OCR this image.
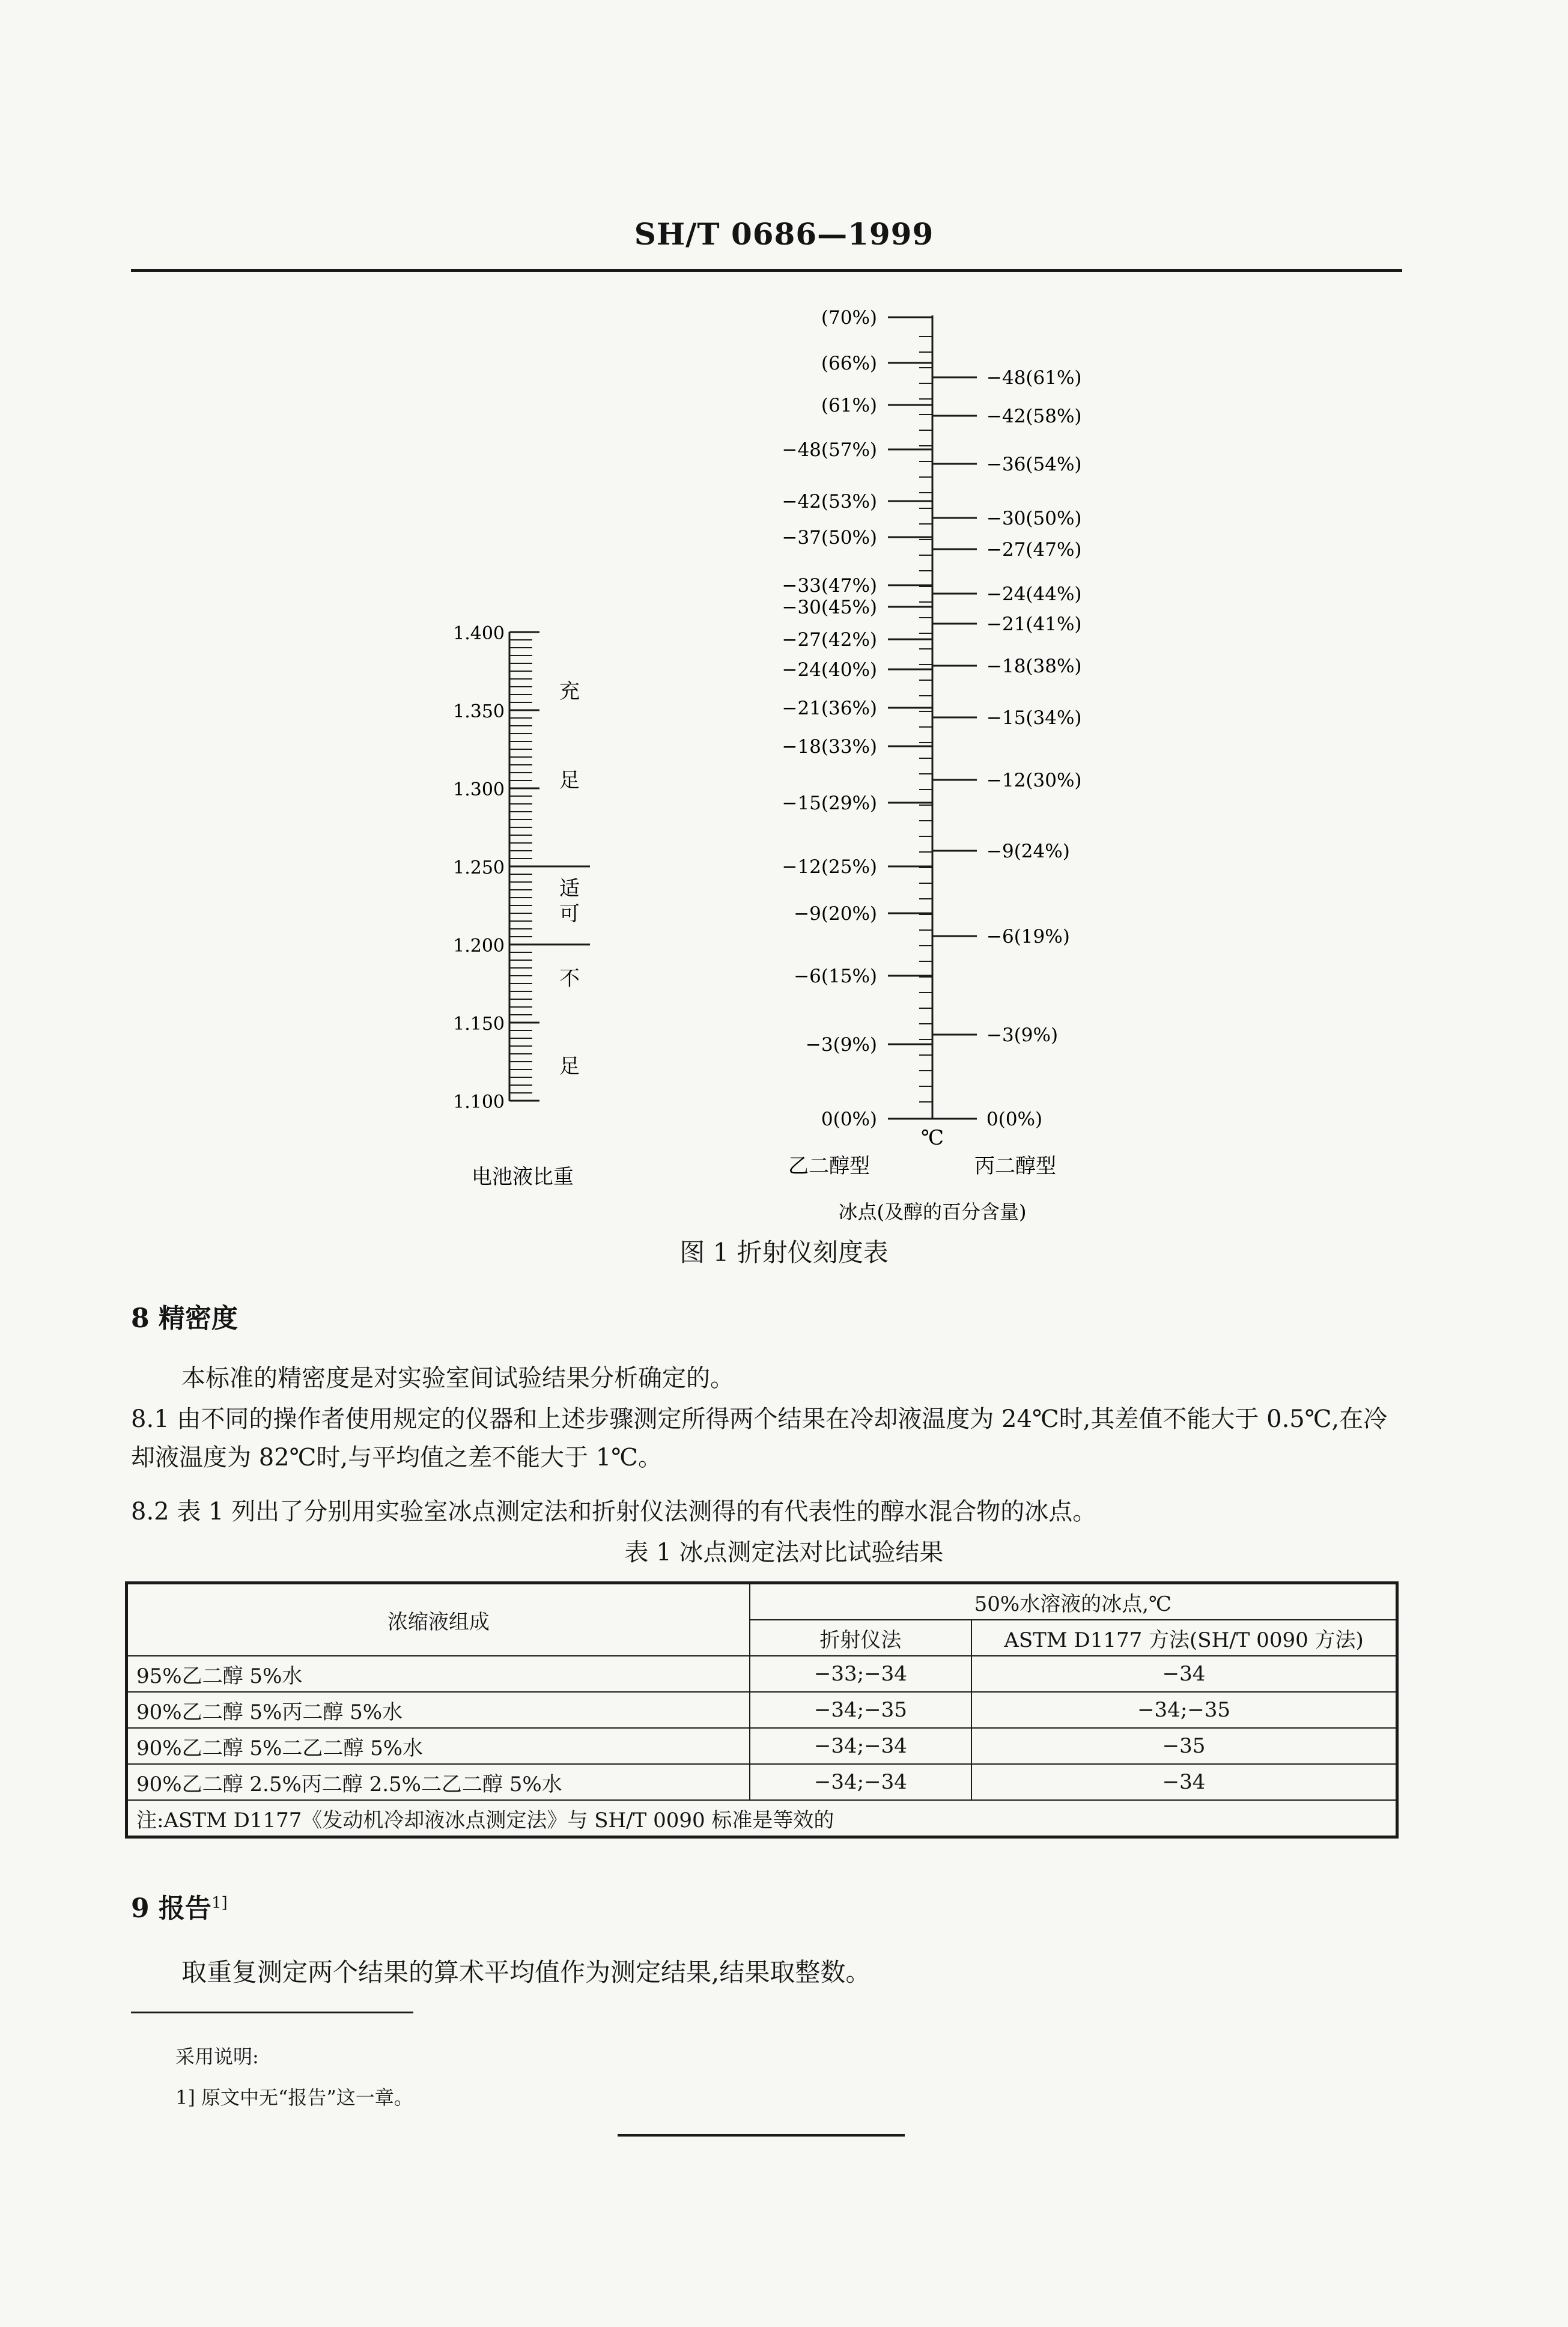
SH/T 0686—1999
1.400
1.350
1.300
1.250
1.200
1.150
1.100
充
足
适
可
不
足
电池液比重
(70%)
(66%)
(61%)
−48(57%)
−42(53%)
−37(50%)
−33(47%)
−30(45%)
−27(42%)
−24(40%)
−21(36%)
−18(33%)
−15(29%)
−12(25%)
−9(20%)
−6(15%)
−3(9%)
0(0%)
−48(61%)
−42(58%)
−36(54%)
−30(50%)
−27(47%)
−24(44%)
−21(41%)
−18(38%)
−15(34%)
−12(30%)
−9(24%)
−6(19%)
−3(9%)
0(0%)
℃
乙二醇型	丙二醇型
冰点(及醇的百分含量)
图 1 折射仪刻度表
8 精密度
本标准的精密度是对实验室间试验结果分析确定的。
8.1 由不同的操作者使用规定的仪器和上述步骤测定所得两个结果在冷却液温度为 24℃时,其差值不能大于 0.5℃,在冷却液温度为 82℃时,与平均值之差不能大于 1℃。
8.2 表 1 列出了分别用实验室冰点测定法和折射仪法测得的有代表性的醇水混合物的冰点。
表 1 冰点测定法对比试验结果
浓缩液组成	50%水溶液的冰点,℃	
	折射仪法	ASTM D1177 方法(SH/T 0090 方法)
95%乙二醇 5%水	−33;−34	−34
90%乙二醇 5%丙二醇 5%水	−34;−35	−34;−35
90%乙二醇 5%二乙二醇 5%水	−34;−34	−35
90%乙二醇 2.5%丙二醇 2.5%二乙二醇 5%水	−34;−34	−34
注:ASTM D1177《发动机冷却液冰点测定法》与 SH/T 0090 标准是等效的		
9 报告$^{1]}$
取重复测定两个结果的算术平均值作为测定结果,结果取整数。
采用说明:
1] 原文中无“报告”这一章。
